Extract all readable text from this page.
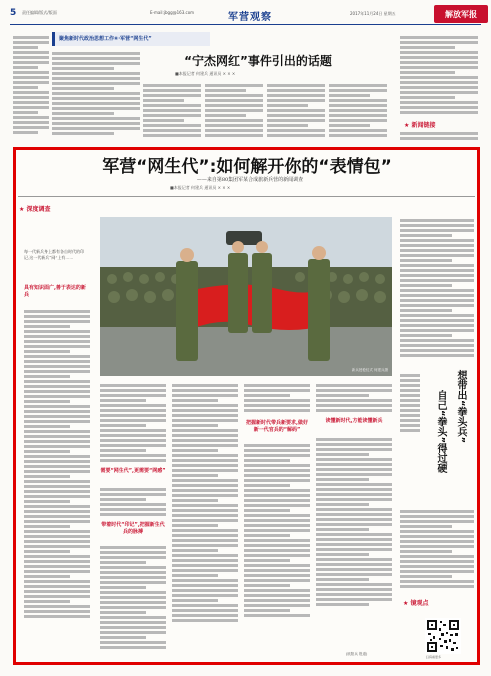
5 责任编辑/版式/版面	E-mail:jbgg@163.com	军营观察	2017年11月24日 星期五	解放军报
聚焦新时代政治思想工作⑥·军营“网生代”
“宁杰网红”事件引出的话题
■本报记者 何建兵 通讯员 × × ×
★ 新闻链接
军营“网生代”:如何解开你的“表情包”
——来自第80集团军某合成旅新兵营的新闻调查
■本报记者 何建兵 通讯员 × × ×
★ 深度调查
每一代新兵身上都有各自时代的印记,这一代新兵“网”上有……
具有知识面广,善于表达的新兵
新兵授枪仪式 何建兵摄
需要“网生代”,更需要“网感”
带着时代“印记”,把握新生代兵的脉搏
把握新时代带兵新要求,做好新一代官兵的“解码”
读懂新时代,方能读懂新兵
(欧阳兵 报道)
想带出“拳头兵”
自己“拳头”得过硬
★ 镜观点
扫码看更多
